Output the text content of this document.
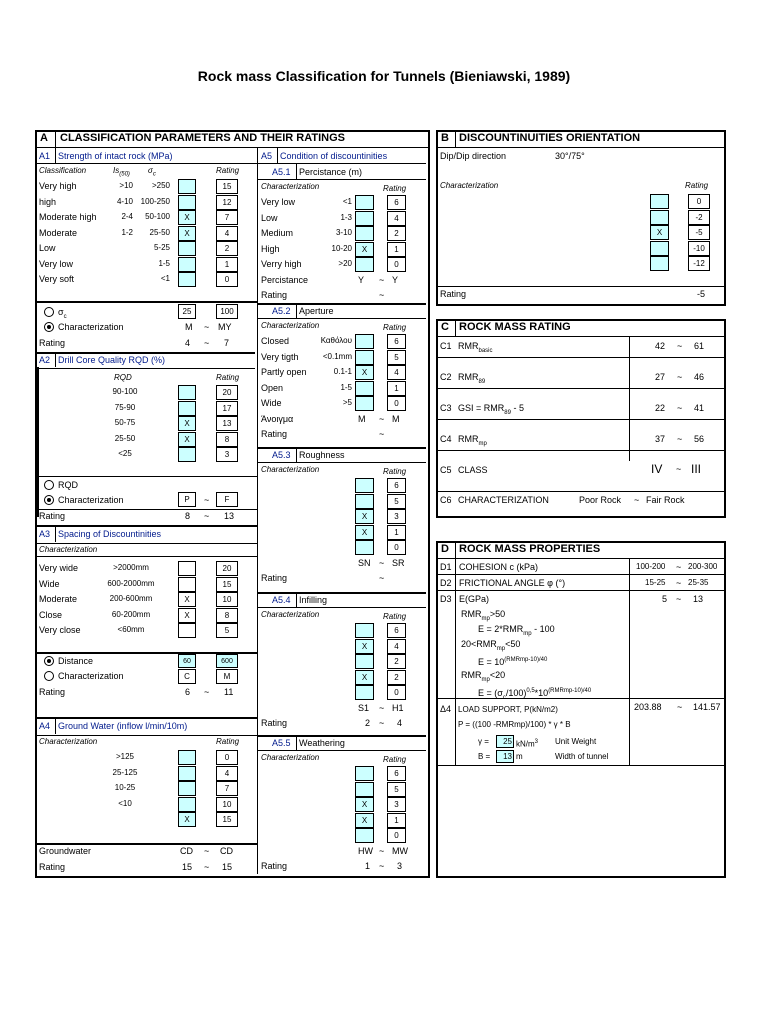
Rock mass Classification for Tunnels (Bieniawski, 1989)
A CLASSIFICATION PARAMETERS AND THEIR RATINGS
A1 Strength of intact rock (MPa)
Classification	$Is_{(50)}$ $\sigma_c$	Rating
Very high	>10	>250	15
high	4-10 100-250	12
Moderate high	2-4	50-100	X	7
Moderate	1-2	25-50	X	4
Low	5-25	2
Very low	1-5	1
Very soft	<1	0
$\sigma_c$
25	100
Characterization	M ~ MY
Rating	4 ~ 7
A2 Drill Core Quality RQD (%)
RQD	Rating
90-100	20
75-90	17
50-75	X	13
25-50	X	8
<25	3
RQD
Characterization	P	~	F
Rating	8 ~ 13
A3 Spacing of Discountinities
Characterization
Very wide	>2000mm	20
Wide	600-2000mm	15
Moderate	200-600mm	X	10
Close	60-200mm	X	8
Very close	<60mm	5
Distance	60	600
Characterization	C	M
Rating	6 ~ 11
A4 Ground Water (inflow l/min/10m)
Characterization	Rating
>125	0
25-125	4
10-25	7
<10	10
X	15
Groundwater	CD ~ CD
Rating	15 ~ 15
A5 Condition of discountinities
A5.1 Percistance (m)
Characterization	Rating
Very low	<1	6
Low	1-3	4
Medium	3-10	2
High	10-20	X	1
Verry high	>20	0
Percistance	Y ~ Y
Rating	~
A5.2 Aperture
Characterization	Rating
Closed	Καθόλου	6
Very tigth	<0.1mm	5
Partly open	0.1-1	X	4
Open	1-5	1
Wide	>5	0
Άνοιγμα	M ~ M
Rating	~
A5.3 Roughness
Characterization	Rating
6
5
X	3
X	1
0
SN ~ SR
Rating	~
A5.4 Infilling
Characterization	Rating
6
X	4
2
X	2
0
S1 ~ H1
Rating	2 ~ 4
A5.5 Weathering
Characterization	Rating
6
5
X	3
X	1
0
HW ~ MW
Rating	1 ~ 3
B DISCOUNTINUITIES ORIENTATION
Dip/Dip direction	30°/75°
Characterization	Rating
0
-2
X	-5
-10
-12
Rating	-5
C ROCK MASS RATING
C1 $RMR_{basic}$	42 ~ 61
C2 $RMR_{89}$	27 ~ 46
C3 GSI = $RMR_{89} - 5$	22 ~ 41
C4 $RMR_{mp}$	37 ~ 56
C5 CLASS	IV ~ III
C6 CHARACTERIZATION	Poor Rock ~ Fair Rock
D ROCK MASS PROPERTIES
D1 COHESION c (kPa)	100-200 ~ 200-300
D2 FRICTIONAL ANGLE φ (°)	15-25 ~ 25-35
D3 E(GPa)	5 ~ 13
$RMR_{mp}>50$
$E = 2*RMR_{mp} - 100$
$20<RMR_{mp}<50$
$E = 10^{(RMRmp-10)/40}$
$RMR_{mp}<20$
$E = (\sigma_c/100)^{0,5}*10^{(RMRmp-10)/40}$
Δ4 LOAD SUPPORT, P(kN/m2)	203.88 ~ 141.57
P = ((100 -RMRmp)/100) * γ * B
γ =	25 $kN/m^3$ Unit Weight
B =	13 m	Width of tunnel
